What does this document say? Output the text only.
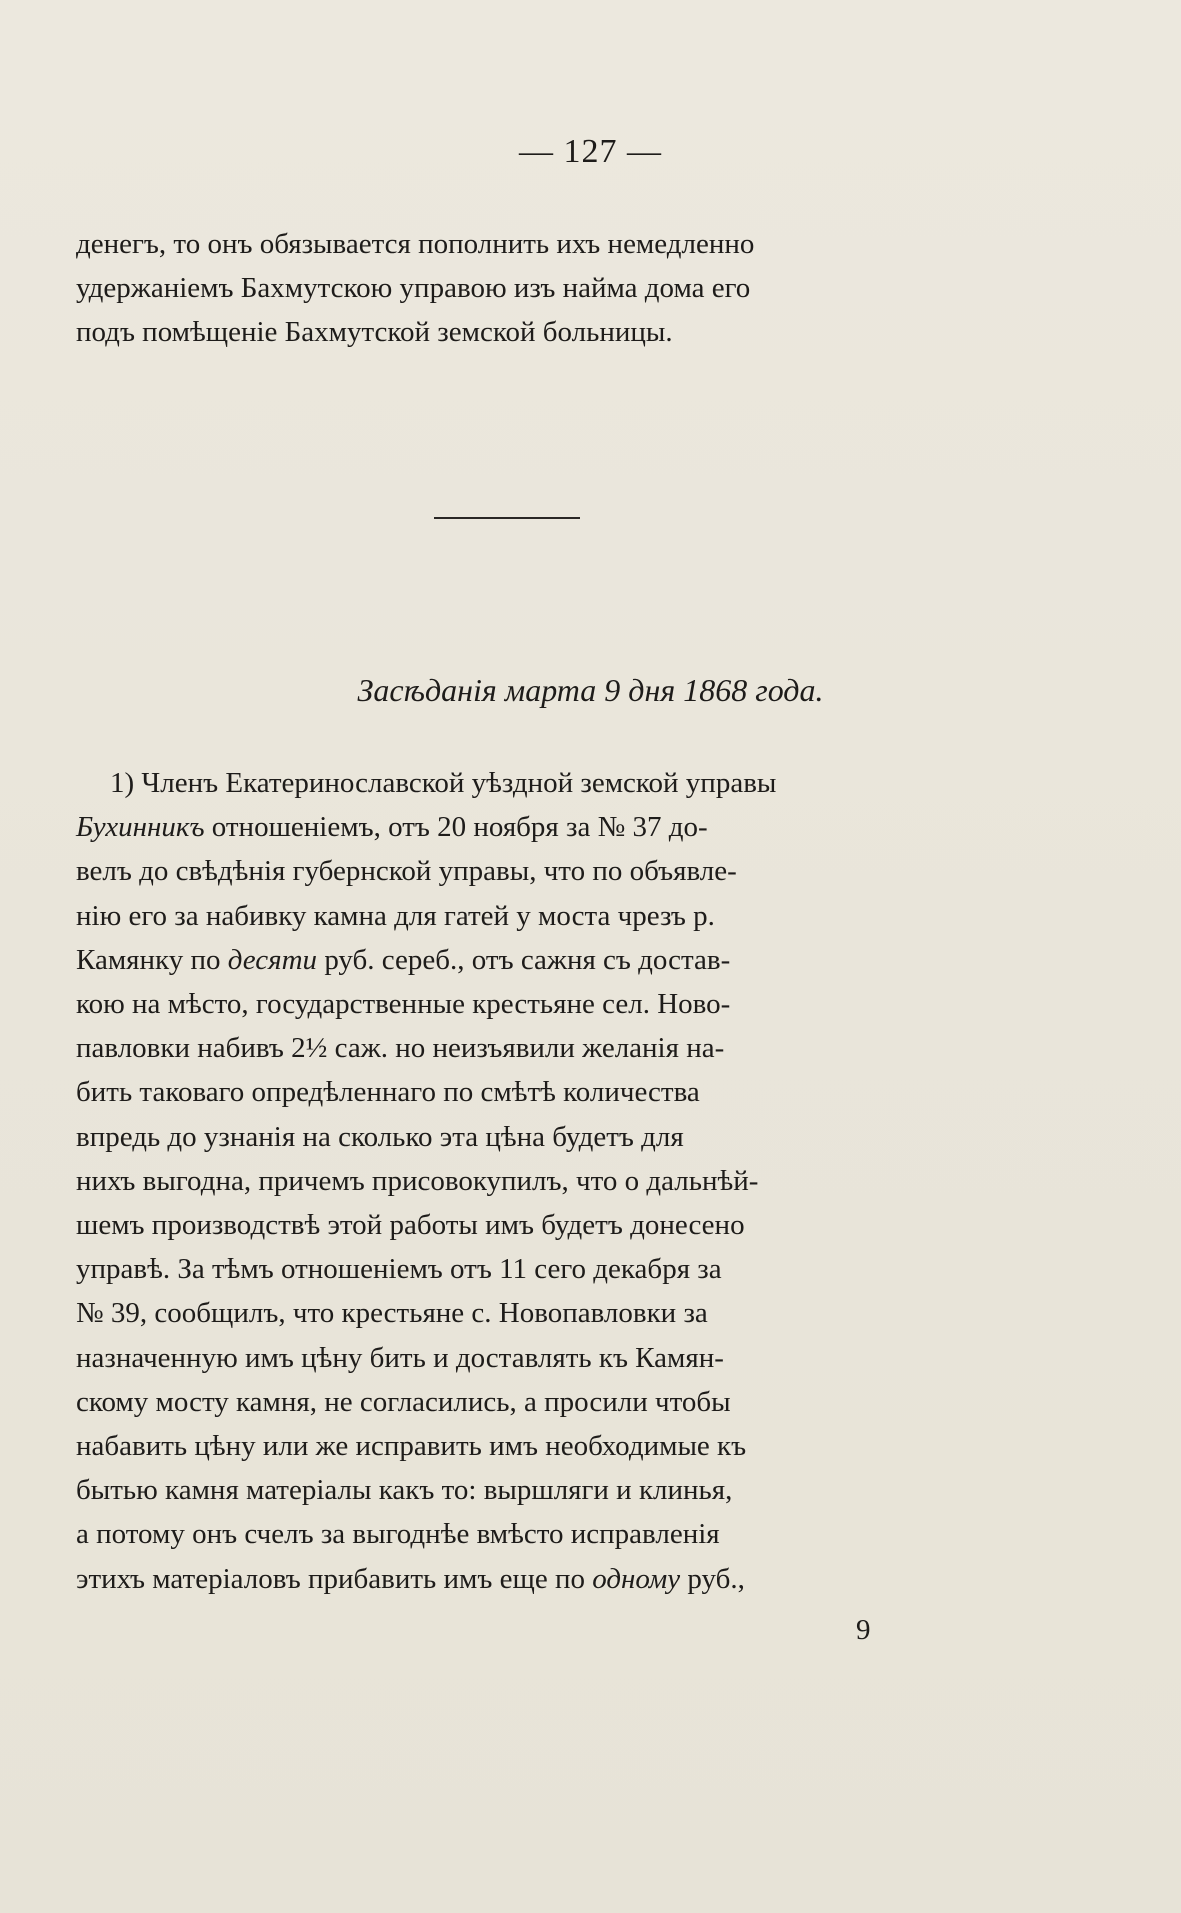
— 127 —

денегъ, то онъ обязывается пополнить ихъ немедленно

удержаніемъ Бахмутскою управою изъ найма дома его

подъ помѣщеніе Бахмутской земской больницы.

Засѣданія марта 9 дня 1868 года.

1) Членъ Екатеринославской уѣздной земской управы

Бухинникъ отношеніемъ, отъ 20 ноября за № 37 до-

велъ до свѣдѣнія губернской управы, что по объявле-

нію его за набивку камна для гатей у моста чрезъ р.

Камянку по десяти руб. сереб., отъ сажня съ достав-

кою на мѣсто, государственные крестьяне сел. Ново-

павловки набивъ 2½ саж. но неизъявили желанія на-

бить таковаго опредѣленнаго по смѣтѣ количества

впредь до узнанія на сколько эта цѣна будетъ для

нихъ выгодна, причемъ присовокупилъ, что о дальнѣй-

шемъ производствѣ этой работы имъ будетъ донесено

управѣ. За тѣмъ отношеніемъ отъ 11 сего декабря за

№ 39, сообщилъ, что крестьяне с. Новопавловки за

назначенную имъ цѣну бить и доставлять къ Камян-

скому мосту камня, не согласились, а просили чтобы

набавить цѣну или же исправить имъ необходимые къ

бытью камня матеріалы какъ то: выршляги и клинья,

а потому онъ счелъ за выгоднѣе вмѣсто исправленія

этихъ матеріаловъ прибавить имъ еще по одному руб.,

9
